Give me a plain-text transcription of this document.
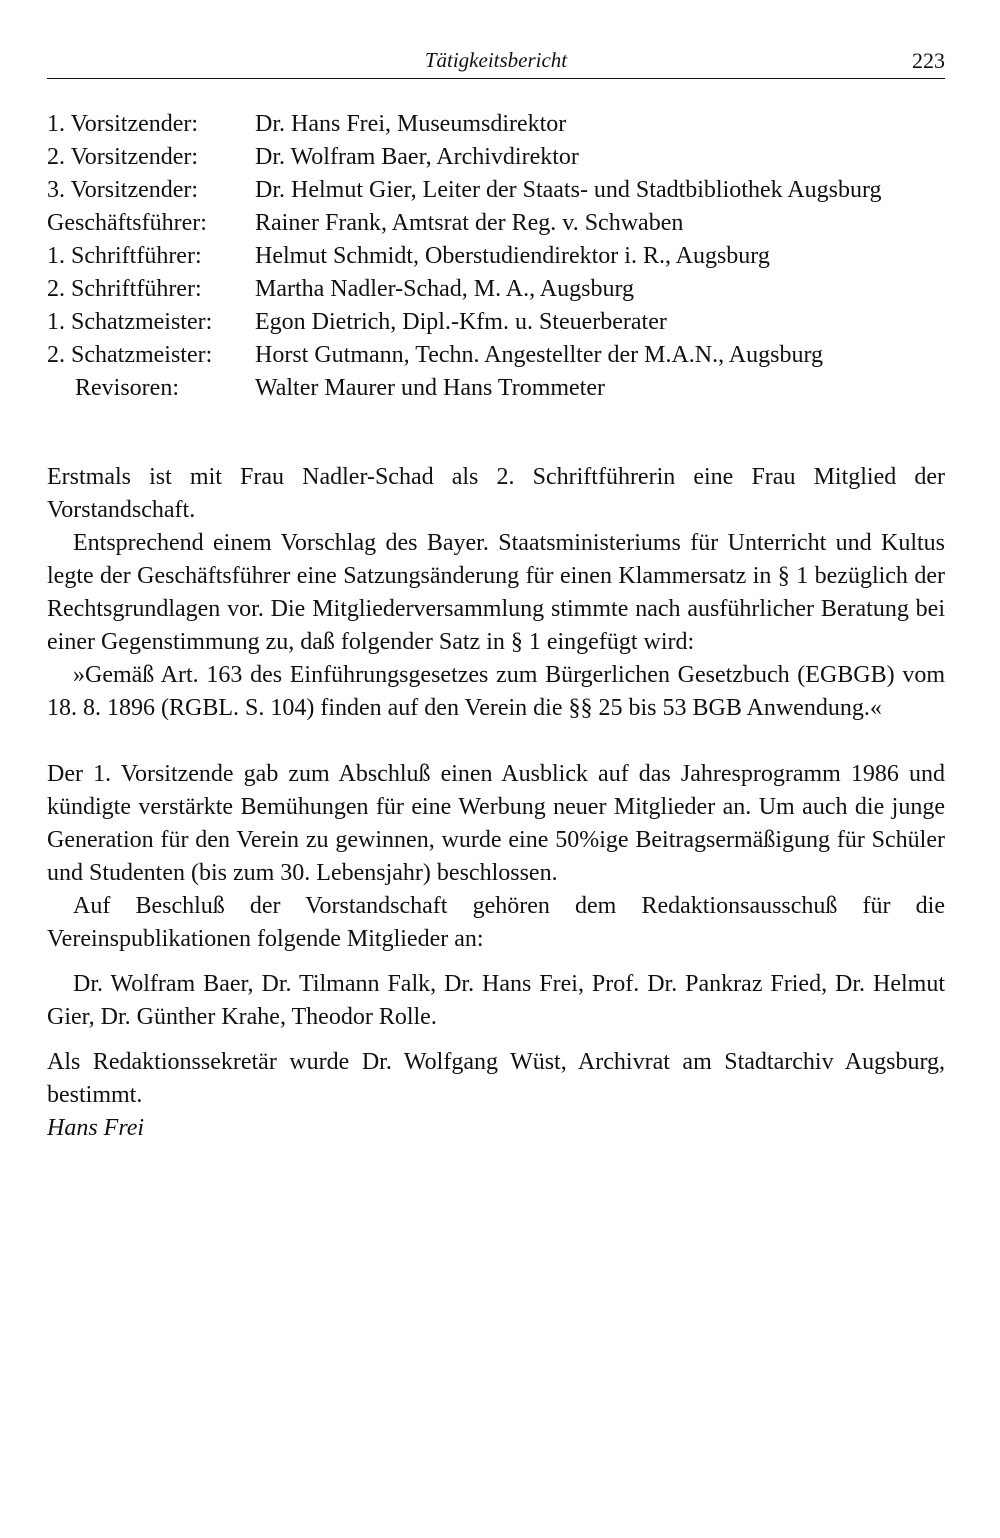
Tätigkeitsbericht	223
1. Vorsitzender:	Dr. Hans Frei, Museumsdirektor
2. Vorsitzender:	Dr. Wolfram Baer, Archivdirektor
3. Vorsitzender:	Dr. Helmut Gier, Leiter der Staats- und Stadtbibliothek Augsburg
Geschäftsführer:	Rainer Frank, Amtsrat der Reg. v. Schwaben
1. Schriftführer:	Helmut Schmidt, Oberstudiendirektor i. R., Augsburg
2. Schriftführer:	Martha Nadler-Schad, M. A., Augsburg
1. Schatzmeister:	Egon Dietrich, Dipl.-Kfm. u. Steuerberater
2. Schatzmeister:	Horst Gutmann, Techn. Angestellter der M.A.N., Augsburg
Revisoren:	Walter Maurer und Hans Trommeter

Erstmals ist mit Frau Nadler-Schad als 2. Schriftführerin eine Frau Mitglied der Vorstandschaft.

Entsprechend einem Vorschlag des Bayer. Staatsministeriums für Unterricht und Kultus legte der Geschäftsführer eine Satzungsänderung für einen Klammersatz in § 1 bezüglich der Rechtsgrundlagen vor. Die Mitgliederversammlung stimmte nach ausführlicher Beratung bei einer Gegenstimmung zu, daß folgender Satz in § 1 eingefügt wird:

»Gemäß Art. 163 des Einführungsgesetzes zum Bürgerlichen Gesetzbuch (EGBGB) vom 18. 8. 1896 (RGBL. S. 104) finden auf den Verein die §§ 25 bis 53 BGB Anwendung.«

Der 1. Vorsitzende gab zum Abschluß einen Ausblick auf das Jahresprogramm 1986 und kündigte verstärkte Bemühungen für eine Werbung neuer Mitglieder an. Um auch die junge Generation für den Verein zu gewinnen, wurde eine 50%ige Beitragsermäßigung für Schüler und Studenten (bis zum 30. Lebensjahr) beschlossen.

Auf Beschluß der Vorstandschaft gehören dem Redaktionsausschuß für die Vereinspublikationen folgende Mitglieder an:

Dr. Wolfram Baer, Dr. Tilmann Falk, Dr. Hans Frei, Prof. Dr. Pankraz Fried, Dr. Helmut Gier, Dr. Günther Krahe, Theodor Rolle.

Als Redaktionssekretär wurde Dr. Wolfgang Wüst, Archivrat am Stadtarchiv Augsburg, bestimmt.

Hans Frei
